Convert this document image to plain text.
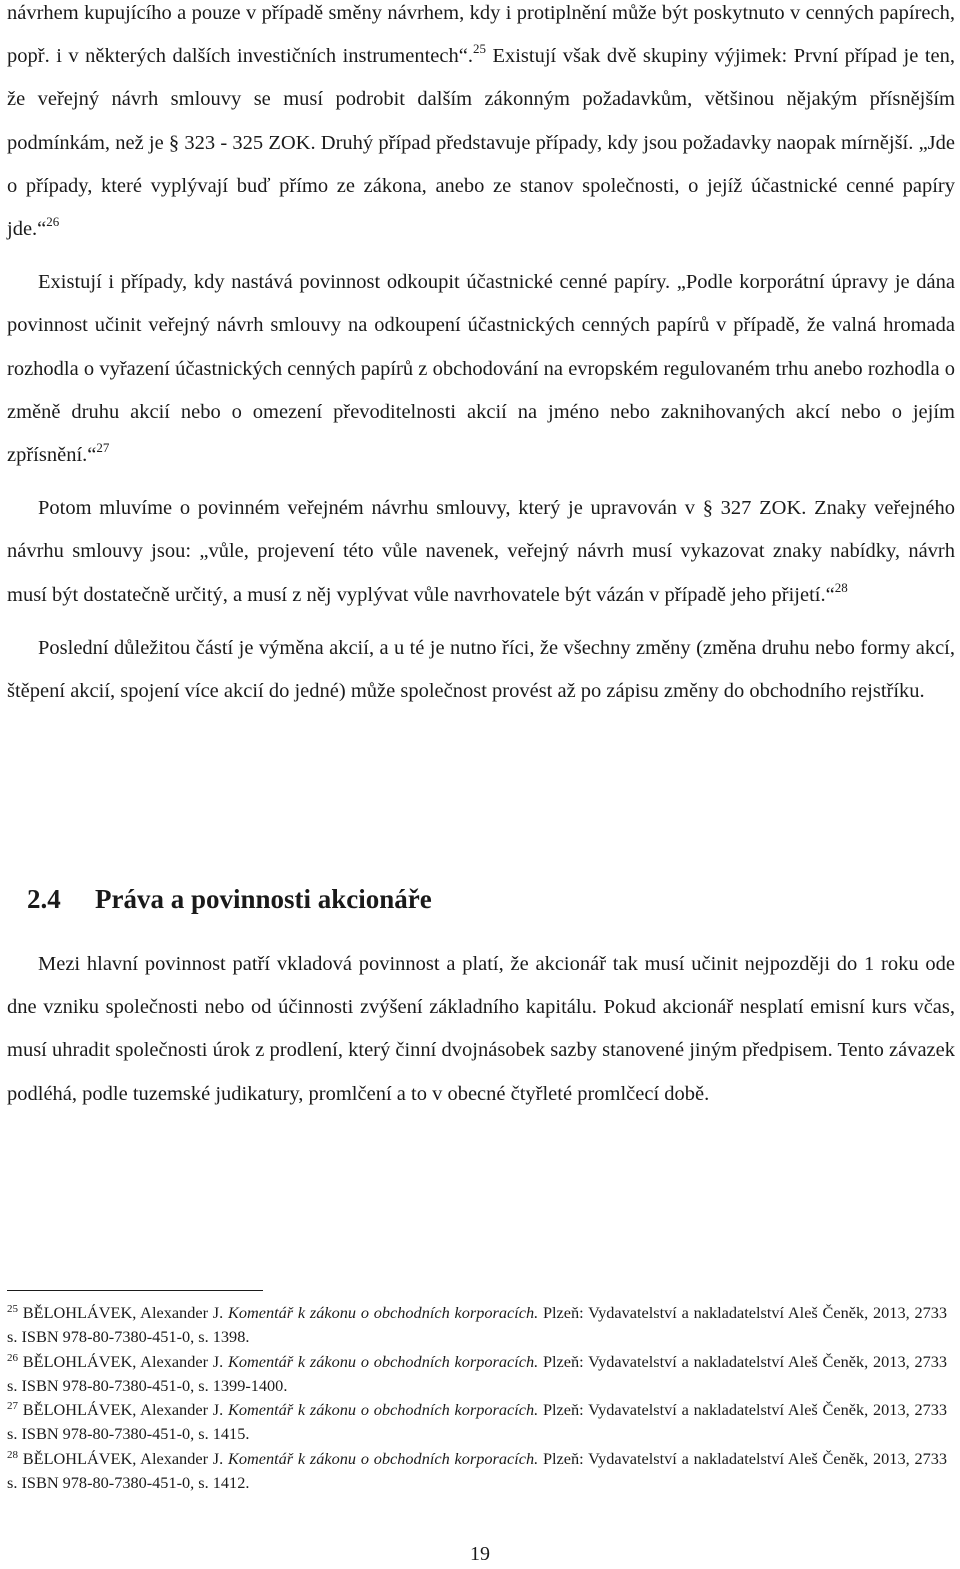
návrhem kupujícího a pouze v případě směny návrhem, kdy i protiplnění může být poskytnuto v cenných papírech, popř. i v některých dalších investičních instrumentech“.$^{25}$ Existují však dvě skupiny výjimek: První případ je ten, že veřejný návrh smlouvy se musí podrobit dalším zákonným požadavkům, většinou nějakým přísnějším podmínkám, než je § 323 - 325 ZOK. Druhý případ představuje případy, kdy jsou požadavky naopak mírnější. „Jde o případy, které vyplývají buď přímo ze zákona, anebo ze stanov společnosti, o jejíž účastnické cenné papíry jde.“$^{26}$

Existují i případy, kdy nastává povinnost odkoupit účastnické cenné papíry. „Podle korporátní úpravy je dána povinnost učinit veřejný návrh smlouvy na odkoupení účastnických cenných papírů v případě, že valná hromada rozhodla o vyřazení účastnických cenných papírů z obchodování na evropském regulovaném trhu anebo rozhodla o změně druhu akcií nebo o omezení převoditelnosti akcií na jméno nebo zaknihovaných akcí nebo o jejím zpřísnění.“$^{27}$

Potom mluvíme o povinném veřejném návrhu smlouvy, který je upravován v § 327 ZOK. Znaky veřejného návrhu smlouvy jsou: „vůle, projevení této vůle navenek, veřejný návrh musí vykazovat znaky nabídky, návrh musí být dostatečně určitý, a musí z něj vyplývat vůle navrhovatele být vázán v případě jeho přijetí.“$^{28}$

Poslední důležitou částí je výměna akcií, a u té je nutno říci, že všechny změny (změna druhu nebo formy akcí, štěpení akcií, spojení více akcií do jedné) může společnost provést až po zápisu změny do obchodního rejstříku.

2.4 Práva a povinnosti akcionáře

Mezi hlavní povinnost patří vkladová povinnost a platí, že akcionář tak musí učinit nejpozději do 1 roku ode dne vzniku společnosti nebo od účinnosti zvýšení základního kapitálu. Pokud akcionář nesplatí emisní kurs včas, musí uhradit společnosti úrok z prodlení, který činní dvojnásobek sazby stanovené jiným předpisem. Tento závazek podléhá, podle tuzemské judikatury, promlčení a to v obecné čtyřleté promlčecí době.

$^{25}$ BĚLOHLÁVEK, Alexander J. Komentář k zákonu o obchodních korporacích. Plzeň: Vydavatelství a nakladatelství Aleš Čeněk, 2013, 2733 s. ISBN 978-80-7380-451-0, s. 1398.

$^{26}$ BĚLOHLÁVEK, Alexander J. Komentář k zákonu o obchodních korporacích. Plzeň: Vydavatelství a nakladatelství Aleš Čeněk, 2013, 2733 s. ISBN 978-80-7380-451-0, s. 1399-1400.

$^{27}$ BĚLOHLÁVEK, Alexander J. Komentář k zákonu o obchodních korporacích. Plzeň: Vydavatelství a nakladatelství Aleš Čeněk, 2013, 2733 s. ISBN 978-80-7380-451-0, s. 1415.

$^{28}$ BĚLOHLÁVEK, Alexander J. Komentář k zákonu o obchodních korporacích. Plzeň: Vydavatelství a nakladatelství Aleš Čeněk, 2013, 2733 s. ISBN 978-80-7380-451-0, s. 1412.

19
